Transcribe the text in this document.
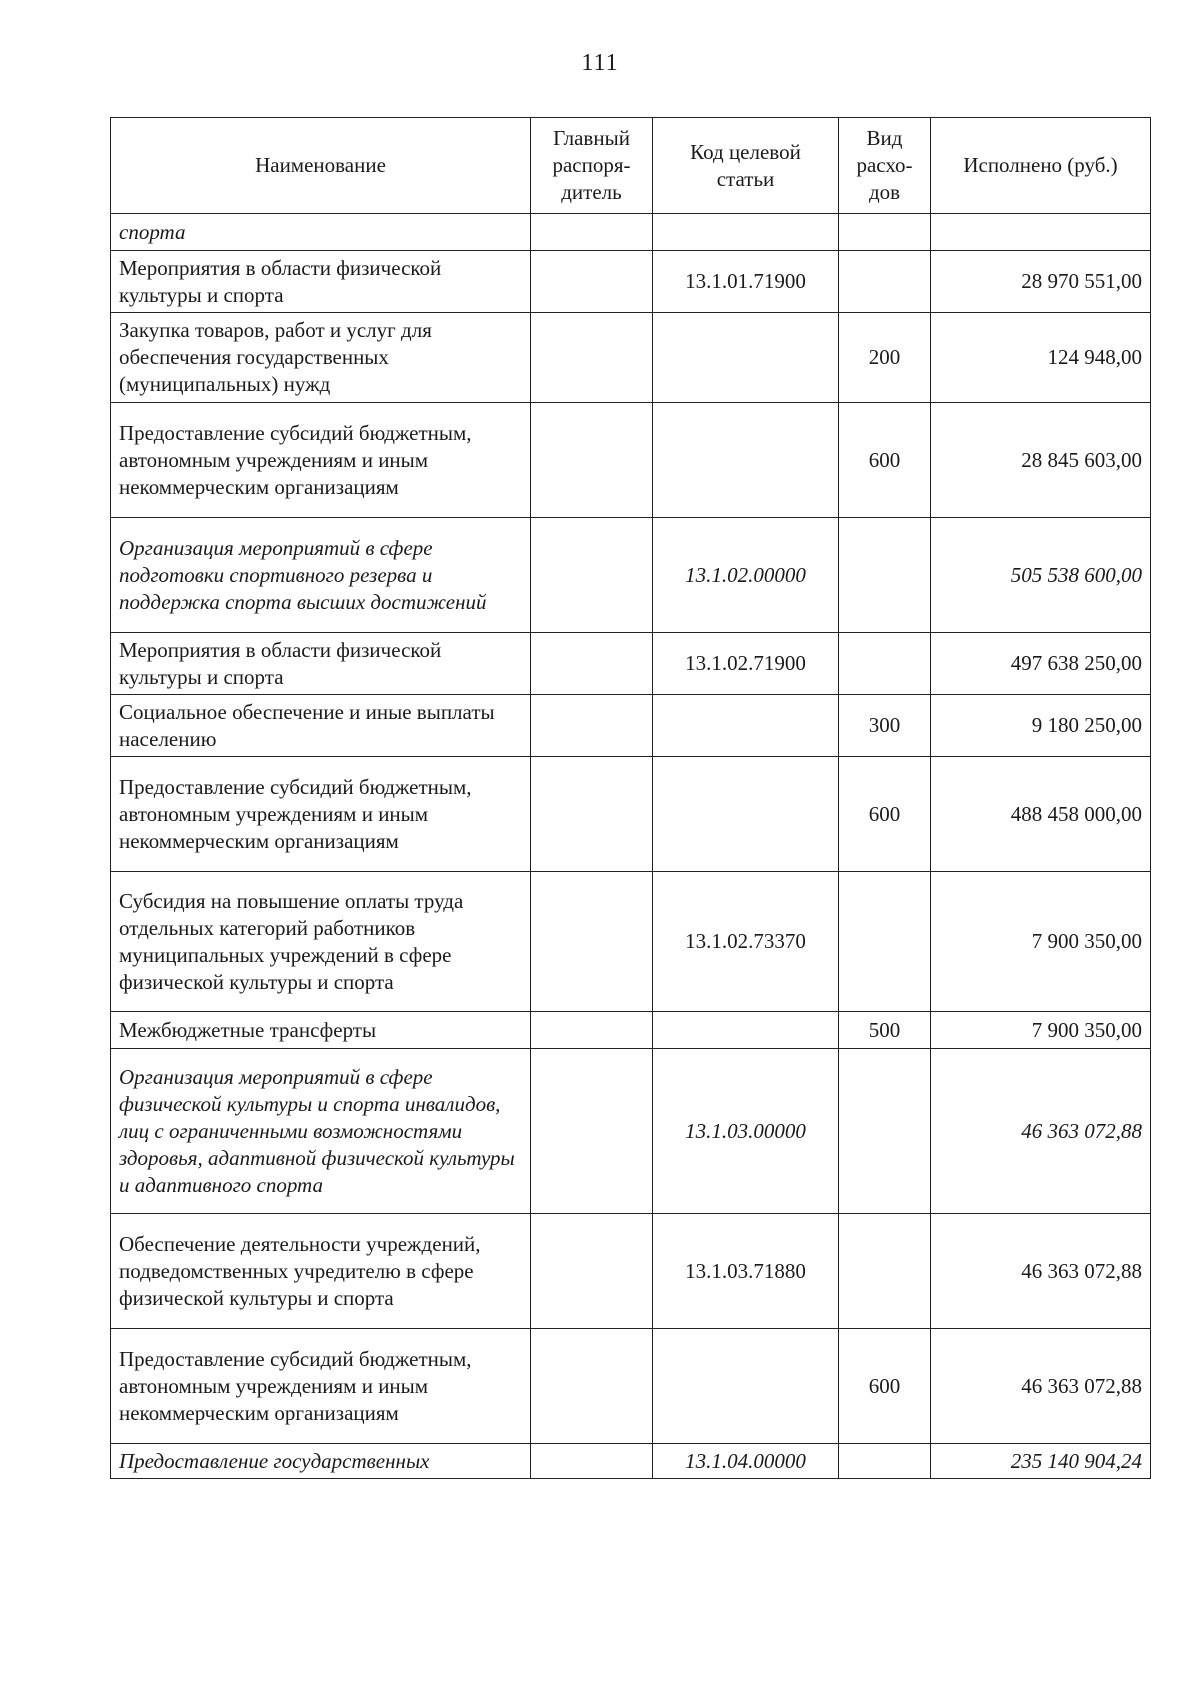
111
Наименование	Главный распоря-дитель	Код целевой статьи	Вид расхо-дов	Исполнено (руб.)
спорта				
Мероприятия в области физической культуры и спорта		13.1.01.71900		28 970 551,00
Закупка товаров, работ и услуг для обеспечения государственных (муниципальных) нужд			200	124 948,00
Предоставление субсидий бюджетным, автономным учреждениям и иным некоммерческим организациям			600	28 845 603,00
Организация мероприятий в сфере подготовки спортивного резерва и поддержка спорта высших достижений		13.1.02.00000		505 538 600,00
Мероприятия в области физической культуры и спорта		13.1.02.71900		497 638 250,00
Социальное обеспечение и иные выплаты населению			300	9 180 250,00
Предоставление субсидий бюджетным, автономным учреждениям и иным некоммерческим организациям			600	488 458 000,00
Субсидия на повышение оплаты труда отдельных категорий работников муниципальных учреждений в сфере физической культуры и спорта		13.1.02.73370		7 900 350,00
Межбюджетные трансферты			500	7 900 350,00
Организация мероприятий в сфере физической культуры и спорта инвалидов, лиц с ограниченными возможностями здоровья, адаптивной физической культуры и адаптивного спорта		13.1.03.00000		46 363 072,88
Обеспечение деятельности учреждений, подведомственных учредителю в сфере физической культуры и спорта		13.1.03.71880		46 363 072,88
Предоставление субсидий бюджетным, автономным учреждениям и иным некоммерческим организациям			600	46 363 072,88
Предоставление государственных		13.1.04.00000		235 140 904,24
